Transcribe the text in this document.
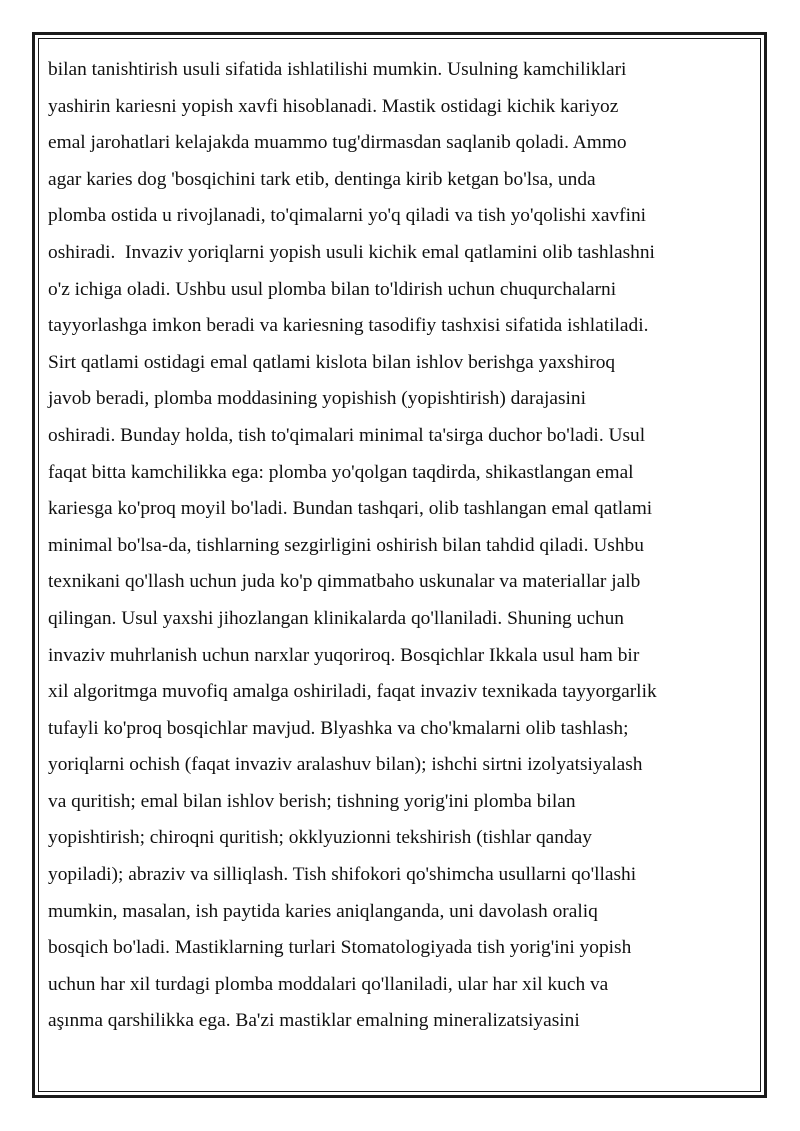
bilan tanishtirish usuli sifatida ishlatilishi mumkin. Usulning kamchiliklari

yashirin kariesni yopish xavfi hisoblanadi. Mastik ostidagi kichik kariyoz

emal jarohatlari kelajakda muammo tug'dirmasdan saqlanib qoladi. Ammo

agar karies dog 'bosqichini tark etib, dentinga kirib ketgan bo'lsa, unda

plomba ostida u rivojlanadi, to'qimalarni yo'q qiladi va tish yo'qolishi xavfini

oshiradi.  Invaziv yoriqlarni yopish usuli kichik emal qatlamini olib tashlashni

o'z ichiga oladi. Ushbu usul plomba bilan to'ldirish uchun chuqurchalarni

tayyorlashga imkon beradi va kariesning tasodifiy tashxisi sifatida ishlatiladi.

Sirt qatlami ostidagi emal qatlami kislota bilan ishlov berishga yaxshiroq

javob beradi, plomba moddasining yopishish (yopishtirish) darajasini

oshiradi. Bunday holda, tish to'qimalari minimal ta'sirga duchor bo'ladi. Usul

faqat bitta kamchilikka ega: plomba yo'qolgan taqdirda, shikastlangan emal

kariesga ko'proq moyil bo'ladi. Bundan tashqari, olib tashlangan emal qatlami

minimal bo'lsa-da, tishlarning sezgirligini oshirish bilan tahdid qiladi. Ushbu

texnikani qo'llash uchun juda ko'p qimmatbaho uskunalar va materiallar jalb

qilingan. Usul yaxshi jihozlangan klinikalarda qo'llaniladi. Shuning uchun

invaziv muhrlanish uchun narxlar yuqoriroq. Bosqichlar Ikkala usul ham bir

xil algoritmga muvofiq amalga oshiriladi, faqat invaziv texnikada tayyorgarlik

tufayli ko'proq bosqichlar mavjud. Blyashka va cho'kmalarni olib tashlash;

yoriqlarni ochish (faqat invaziv aralashuv bilan); ishchi sirtni izolyatsiyalash

va quritish; emal bilan ishlov berish; tishning yorig'ini plomba bilan

yopishtirish; chiroqni quritish; okklyuzionni tekshirish (tishlar qanday

yopiladi); abraziv va silliqlash. Tish shifokori qo'shimcha usullarni qo'llashi

mumkin, masalan, ish paytida karies aniqlanganda, uni davolash oraliq

bosqich bo'ladi. Mastiklarning turlari Stomatologiyada tish yorig'ini yopish

uchun har xil turdagi plomba moddalari qo'llaniladi, ular har xil kuch va

aşınma qarshilikka ega. Ba'zi mastiklar emalning mineralizatsiyasini
